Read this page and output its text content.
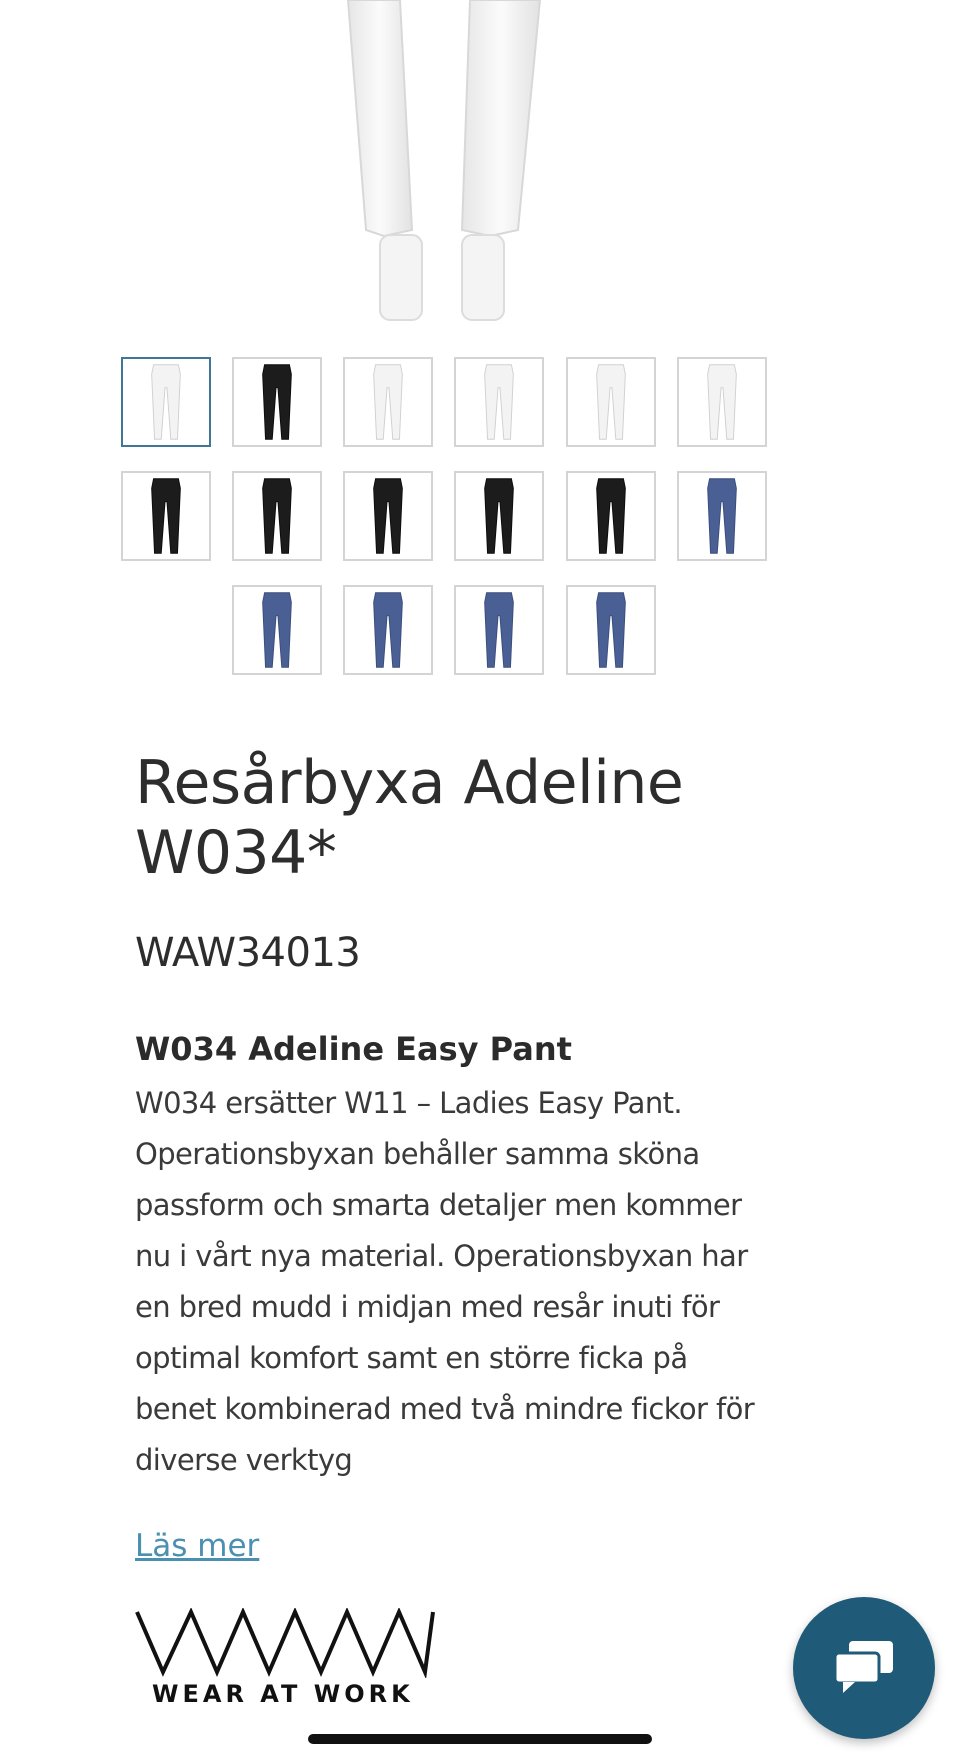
Resårbyxa Adeline
W034*
WAW34013
W034 Adeline Easy Pant
W034 ersätter W11 – Ladies Easy Pant. Operationsbyxan behåller samma sköna passform och smarta detaljer men kommer nu i vårt nya material. Operationsbyxan har en bred mudd i midjan med resår inuti för optimal komfort samt en större ficka på benet kombinerad med två mindre fickor för diverse verktyg
Läs mer
WEAR AT WORK
